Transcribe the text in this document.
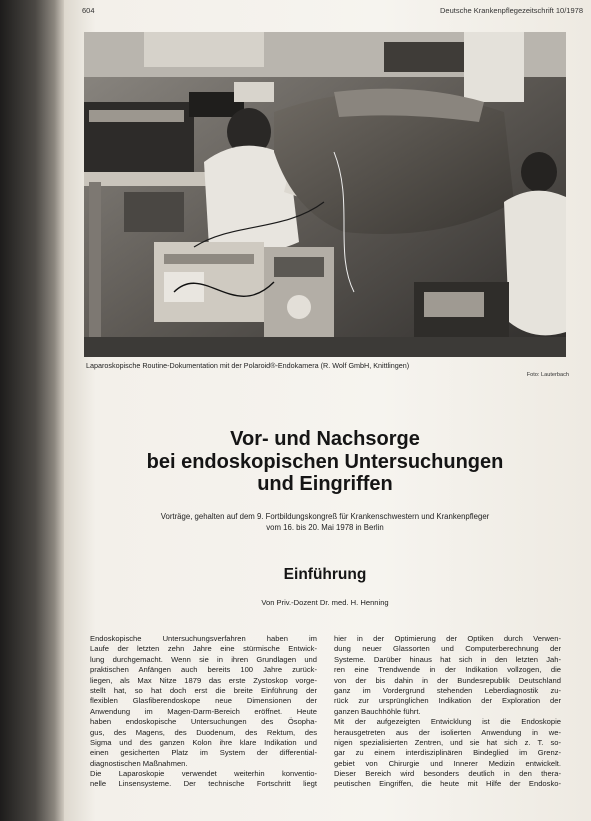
604	Deutsche Krankenpflegezeitschrift 10/1978
Laparoskopische Routine-Dokumentation mit der Polaroid®-Endokamera (R. Wolf GmbH, Knittlingen)
Foto: Lauterbach
Vor- und Nachsorge
bei endoskopischen Untersuchungen
und Eingriffen
Vorträge, gehalten auf dem 9. Fortbildungskongreß für Krankenschwestern und Krankenpfleger
vom 16. bis 20. Mai 1978 in Berlin
Einführung
Von Priv.-Dozent Dr. med. H. Henning
Endoskopische Untersuchungsverfahren haben im
Laufe der letzten zehn Jahre eine stürmische Entwick-
lung durchgemacht. Wenn sie in ihren Grundlagen und
praktischen Anfängen auch bereits 100 Jahre zurück-
liegen, als Max Nitze 1879 das erste Zystoskop vorge-
stellt hat, so hat doch erst die breite Einführung der
flexiblen Glasfiberendoskope neue Dimensionen der
Anwendung im Magen-Darm-Bereich eröffnet. Heute
haben endoskopische Untersuchungen des Ösopha-
gus, des Magens, des Duodenum, des Rektum, des
Sigma und des ganzen Kolon ihre klare Indikation und
einen gesicherten Platz im System der differential-
diagnostischen Maßnahmen.
Die Laparoskopie verwendet weiterhin konventio-
nelle Linsensysteme. Der technische Fortschritt liegt
hier in der Optimierung der Optiken durch Verwen-
dung neuer Glassorten und Computerberechnung der
Systeme. Darüber hinaus hat sich in den letzten Jah-
ren eine Trendwende in der Indikation vollzogen, die
von der bis dahin in der Bundesrepublik Deutschland
ganz im Vordergrund stehenden Leberdiagnostik zu-
rück zur ursprünglichen Indikation der Exploration der
ganzen Bauchhöhle führt.
Mit der aufgezeigten Entwicklung ist die Endoskopie
herausgetreten aus der isolierten Anwendung in we-
nigen spezialisierten Zentren, und sie hat sich z. T. so-
gar zu einem interdisziplinären Bindeglied im Grenz-
gebiet von Chirurgie und Innerer Medizin entwickelt.
Dieser Bereich wird besonders deutlich in den thera-
peutischen Eingriffen, die heute mit Hilfe der Endosko-
